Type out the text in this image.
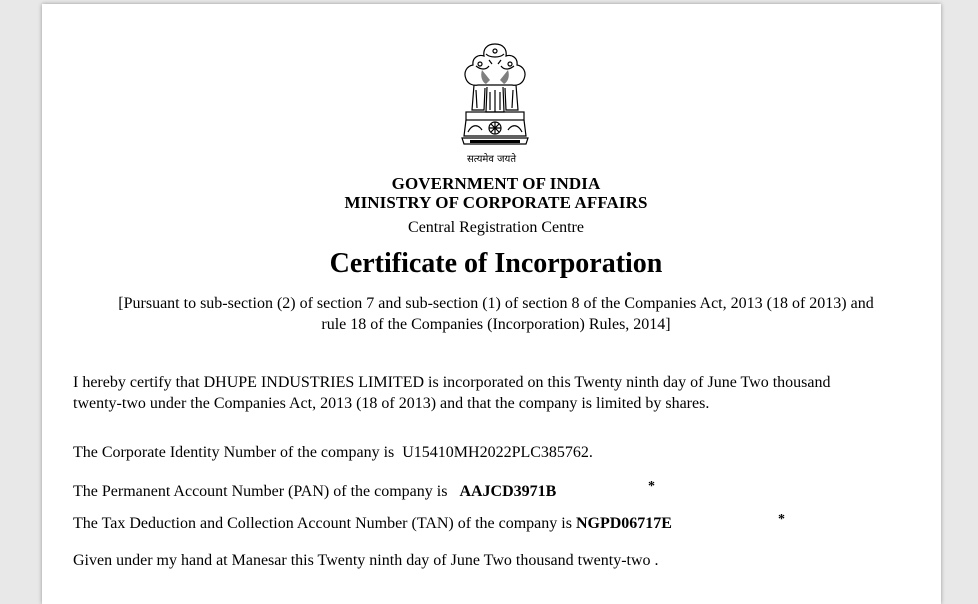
सत्यमेव जयते
GOVERNMENT OF INDIA
MINISTRY OF CORPORATE AFFAIRS
Central Registration Centre
Certificate of Incorporation
[Pursuant to sub-section (2) of section 7 and sub-section (1) of section 8 of the Companies Act, 2013 (18 of 2013) and
rule 18 of the Companies (Incorporation) Rules, 2014]
I hereby certify that DHUPE INDUSTRIES LIMITED is incorporated on this Twenty ninth day of June Two thousand
twenty-two under the Companies Act, 2013 (18 of 2013) and that the company is limited by shares.
The Corporate Identity Number of the company is U15410MH2022PLC385762.
The Permanent Account Number (PAN) of the company is AAJCD3971B	*
The Tax Deduction and Collection Account Number (TAN) of the company is NGPD06717E	*
Given under my hand at Manesar this Twenty ninth day of June Two thousand twenty-two .
